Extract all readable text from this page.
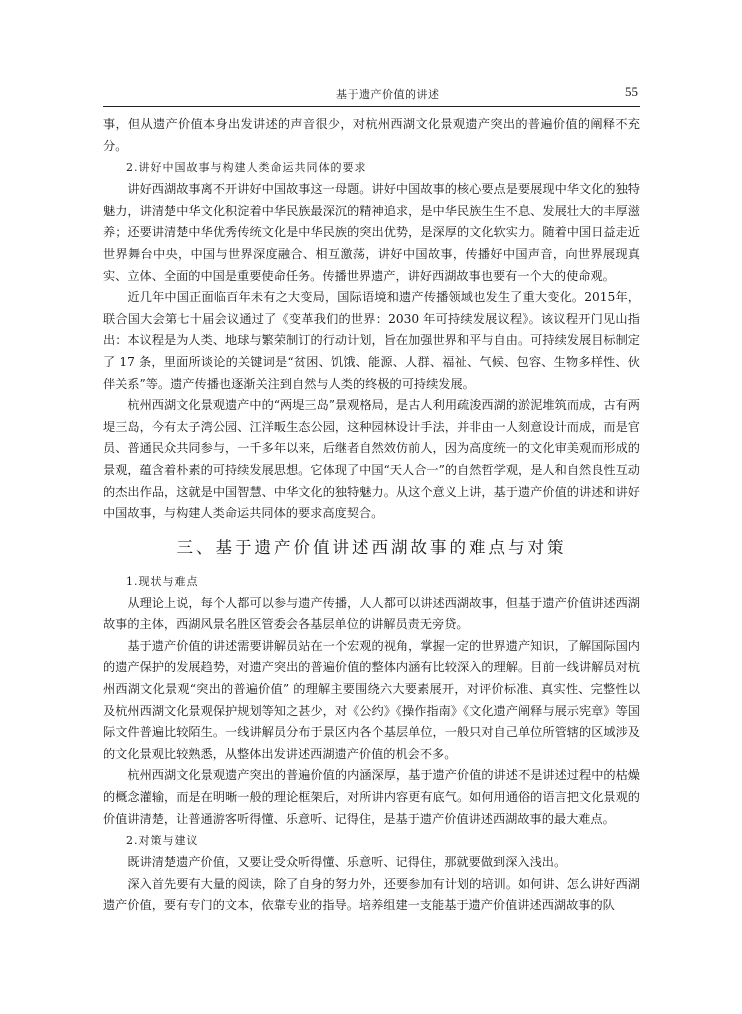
基于遗产价值的讲述	55

事，但从遗产价值本身出发讲述的声音很少，对杭州西湖文化景观遗产突出的普遍价值的阐释不充分。

2.讲好中国故事与构建人类命运共同体的要求

讲好西湖故事离不开讲好中国故事这一母题。讲好中国故事的核心要点是要展现中华文化的独特魅力，讲清楚中华文化积淀着中华民族最深沉的精神追求，是中华民族生生不息、发展壮大的丰厚滋养；还要讲清楚中华优秀传统文化是中华民族的突出优势，是深厚的文化软实力。随着中国日益走近世界舞台中央，中国与世界深度融合、相互激荡，讲好中国故事，传播好中国声音，向世界展现真实、立体、全面的中国是重要使命任务。传播世界遗产，讲好西湖故事也要有一个大的使命观。

近几年中国正面临百年未有之大变局，国际语境和遗产传播领域也发生了重大变化。2015年，联合国大会第七十届会议通过了《变革我们的世界：2030 年可持续发展议程》。该议程开门见山指出：本议程是为人类、地球与繁荣制订的行动计划，旨在加强世界和平与自由。可持续发展目标制定了 17 条，里面所谈论的关键词是“贫困、饥饿、能源、人群、福祉、气候、包容、生物多样性、伙伴关系”等。遗产传播也逐渐关注到自然与人类的终极的可持续发展。

杭州西湖文化景观遗产中的“两堤三岛”景观格局，是古人利用疏浚西湖的淤泥堆筑而成，古有两堤三岛，今有太子湾公园、江洋畈生态公园，这种园林设计手法，并非由一人刻意设计而成，而是官员、普通民众共同参与，一千多年以来，后继者自然效仿前人，因为高度统一的文化审美观而形成的景观，蕴含着朴素的可持续发展思想。它体现了中国“天人合一”的自然哲学观，是人和自然良性互动的杰出作品，这就是中国智慧、中华文化的独特魅力。从这个意义上讲，基于遗产价值的讲述和讲好中国故事，与构建人类命运共同体的要求高度契合。

三、基于遗产价值讲述西湖故事的难点与对策

1.现状与难点

从理论上说，每个人都可以参与遗产传播，人人都可以讲述西湖故事，但基于遗产价值讲述西湖故事的主体，西湖风景名胜区管委会各基层单位的讲解员责无旁贷。

基于遗产价值的讲述需要讲解员站在一个宏观的视角，掌握一定的世界遗产知识，了解国际国内的遗产保护的发展趋势，对遗产突出的普遍价值的整体内涵有比较深入的理解。目前一线讲解员对杭州西湖文化景观“突出的普遍价值” 的理解主要围绕六大要素展开，对评价标准、真实性、完整性以及杭州西湖文化景观保护规划等知之甚少，对《公约》《操作指南》《文化遗产阐释与展示宪章》等国际文件普遍比较陌生。一线讲解员分布于景区内各个基层单位，一般只对自己单位所管辖的区域涉及的文化景观比较熟悉，从整体出发讲述西湖遗产价值的机会不多。

杭州西湖文化景观遗产突出的普遍价值的内涵深厚，基于遗产价值的讲述不是讲述过程中的枯燥的概念灌输，而是在明晰一般的理论框架后，对所讲内容更有底气。如何用通俗的语言把文化景观的价值讲清楚，让普通游客听得懂、乐意听、记得住，是基于遗产价值讲述西湖故事的最大难点。

2.对策与建议

既讲清楚遗产价值，又要让受众听得懂、乐意听、记得住，那就要做到深入浅出。

深入首先要有大量的阅读，除了自身的努力外，还要参加有计划的培训。如何讲、怎么讲好西湖遗产价值，要有专门的文本，依靠专业的指导。培养组建一支能基于遗产价值讲述西湖故事的队
